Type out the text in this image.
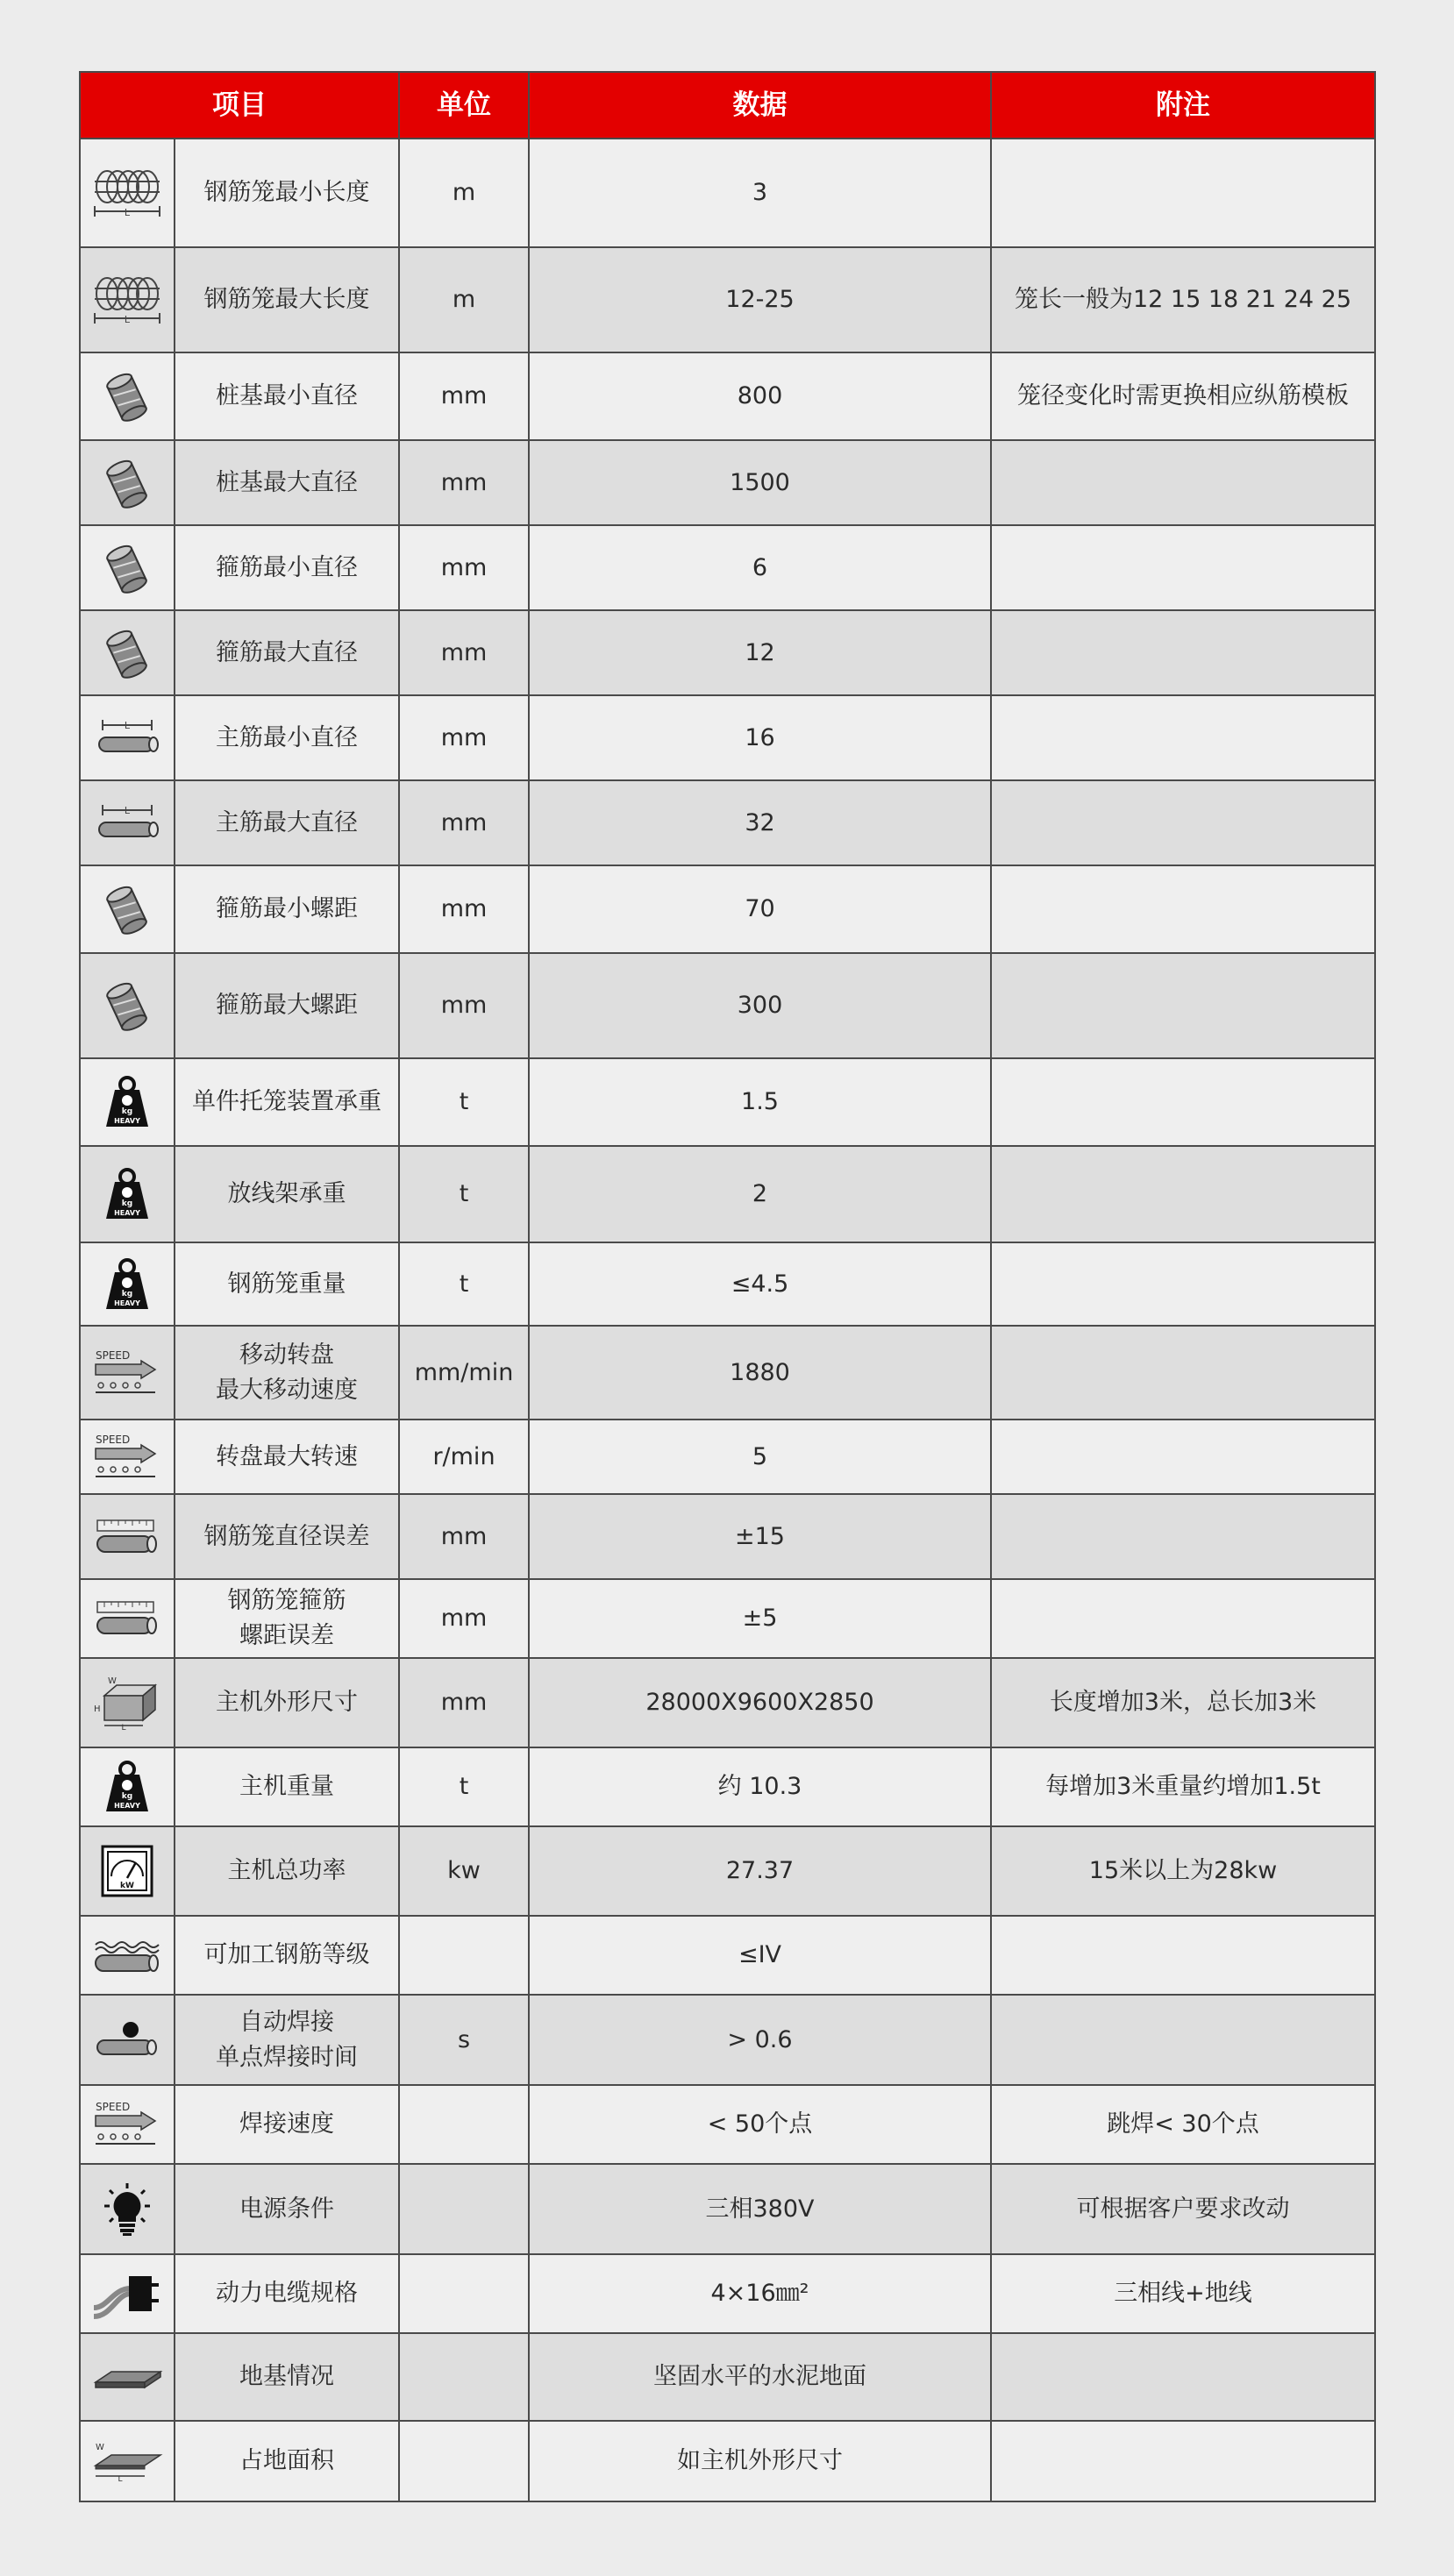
项目		单位	数据	附注

L	钢筋笼最小长度	m	3	

L	钢筋笼最大长度	m	12-25	笼长一般为12 15 18 21 24 25

	桩基最小直径	mm	800	笼径变化时需更换相应纵筋模板

	桩基最大直径	mm	1500	

	箍筋最小直径	mm	6	

	箍筋最大直径	mm	12	

L	主筋最小直径	mm	16	

L	主筋最大直径	mm	32	

	箍筋最小螺距	mm	70	

	箍筋最大螺距	mm	300	

kg
HEAVY	单件托笼装置承重	t	1.5	

kg
HEAVY	放线架承重	t	2	

kg
HEAVY	钢筋笼重量	t	≤4.5	

SPEED	移动转盘
最大移动速度	mm/min	1880	

SPEED	转盘最大转速	r/min	5	

	钢筋笼直径误差	mm	±15	

	钢筋笼箍筋
螺距误差	mm	±5	

W
H
L	主机外形尺寸	mm	28000X9600X2850	长度增加3米，总长加3米

kg
HEAVY	主机重量	t	约 10.3	每增加3米重量约增加1.5t

kW	主机总功率	kw	27.37	15米以上为28kw

	可加工钢筋等级		≤IV	

	自动焊接
单点焊接时间	s	> 0.6	

SPEED	焊接速度		< 50个点	跳焊< 30个点

	电源条件		三相380V	可根据客户要求改动

	动力电缆规格		4×16㎜²	三相线+地线

	地基情况		坚固水平的水泥地面	

W
L	占地面积		如主机外形尺寸	
